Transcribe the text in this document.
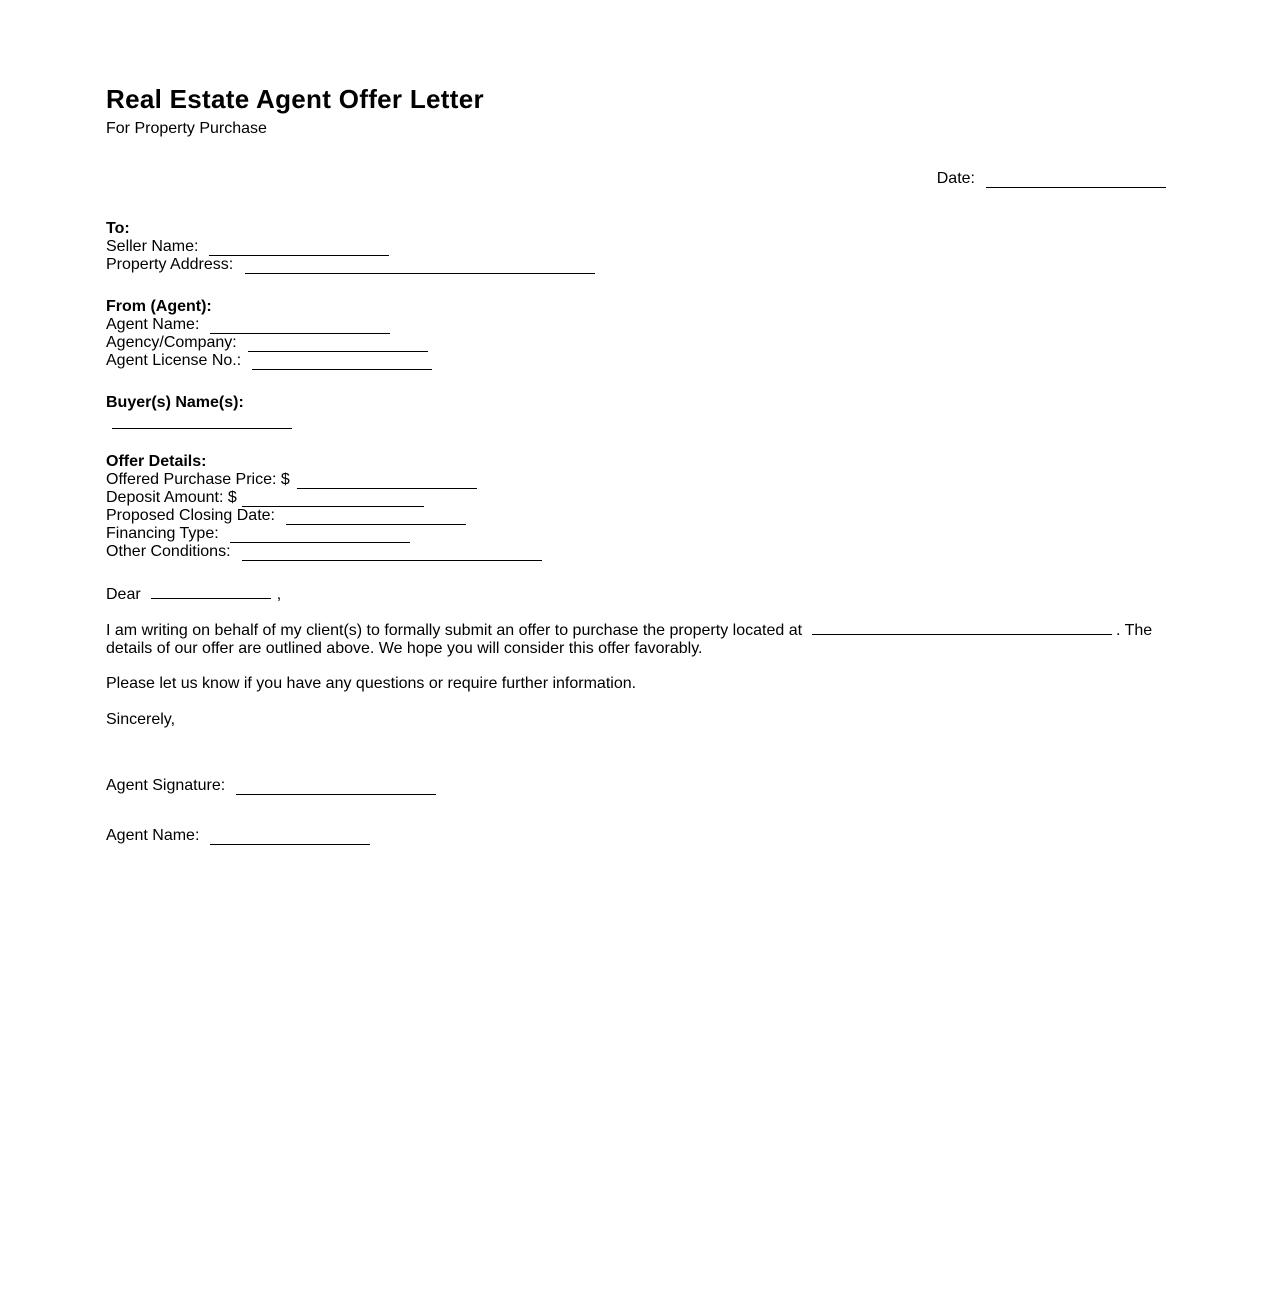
Real Estate Agent Offer Letter

For Property Purchase

Date:
To:
Seller Name:
Property Address:
From (Agent):
Agent Name:
Agency/Company:
Agent License No.:
Buyer(s) Name(s):
Offer Details:
Offered Purchase Price: $
Deposit Amount: $
Proposed Closing Date:
Financing Type:
Other Conditions:

Dear	,

I am writing on behalf of my client(s) to formally submit an offer to purchase the property located at	. The details of our offer are outlined above. We hope you will consider this offer favorably.

Please let us know if you have any questions or require further information.

Sincerely,

Agent Signature:
Agent Name:
